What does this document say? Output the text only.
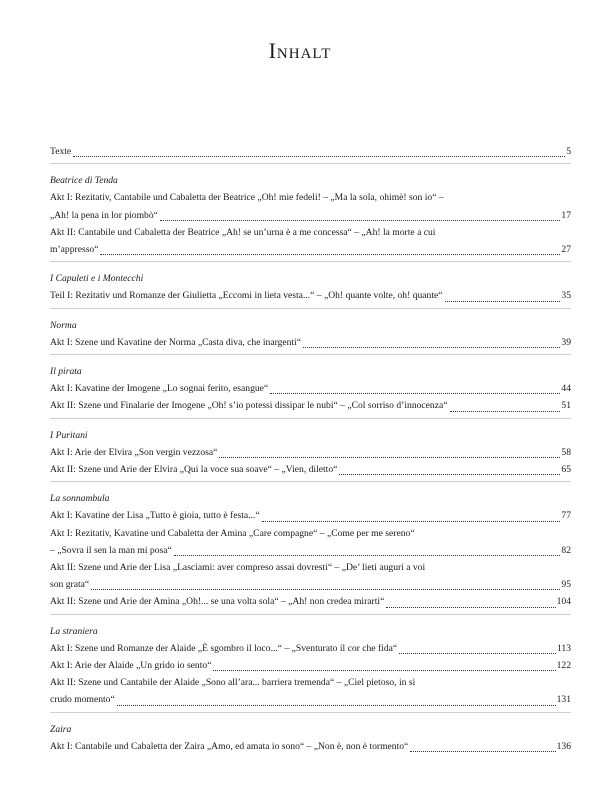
Inhalt
Texte	5
Beatrice di Tenda
Akt I: Rezitativ, Cantabile und Cabaletta der Beatrice „Oh! mie fedeli! – „Ma la sola, ohimè! son io“ –
„Ah! la pena in lor piombò“	17
Akt II: Cantabile und Cabaletta der Beatrice „Ah! se un’urna è a me concessa“ – „Ah! la morte a cui
m’appresso“	27
I Capuleti e i Montecchi
Teil I: Rezitativ und Romanze der Giulietta „Eccomi in lieta vesta...“ – „Oh! quante volte, oh! quante“	35
Norma
Akt I: Szene und Kavatine der Norma „Casta diva, che inargenti“	39
Il pirata
Akt I: Kavatine der Imogene „Lo sognai ferito, esangue“	44
Akt II: Szene und Finalarie der Imogene „Oh! s’io potessi dissipar le nubi“ – „Col sorriso d’innocenza“	51
I Puritani
Akt I: Arie der Elvira „Son vergin vezzosa“	58
Akt II: Szene und Arie der Elvira „Qui la voce sua soave“ – „Vien, diletto“	65
La sonnambula
Akt I: Kavatine der Lisa „Tutto è gioia, tutto è festa...“	77
Akt I: Rezitativ, Kavatine und Cabaletta der Amina „Care compagne“ – „Come per me sereno“
– „Sovra il sen la man mi posa“	82
Akt II: Szene und Arie der Lisa „Lasciami: aver compreso assai dovresti“ – „De’ lieti auguri a voi
son grata“	95
Akt II: Szene und Arie der Amina „Oh!... se una volta sola“ – „Ah! non credea mirarti“	104
La straniera
Akt I: Szene und Romanze der Alaide „È sgombro il loco...“ – „Sventurato il cor che fida“	113
Akt I: Arie der Alaide „Un grido io sento“	122
Akt II: Szene und Cantabile der Alaide „Sono all’ara... barriera tremenda“ – „Ciel pietoso, in sì
crudo momento“	131
Zaira
Akt I: Cantabile und Cabaletta der Zaira „Amo, ed amata io sono“ – „Non è, non è tormento“	136
